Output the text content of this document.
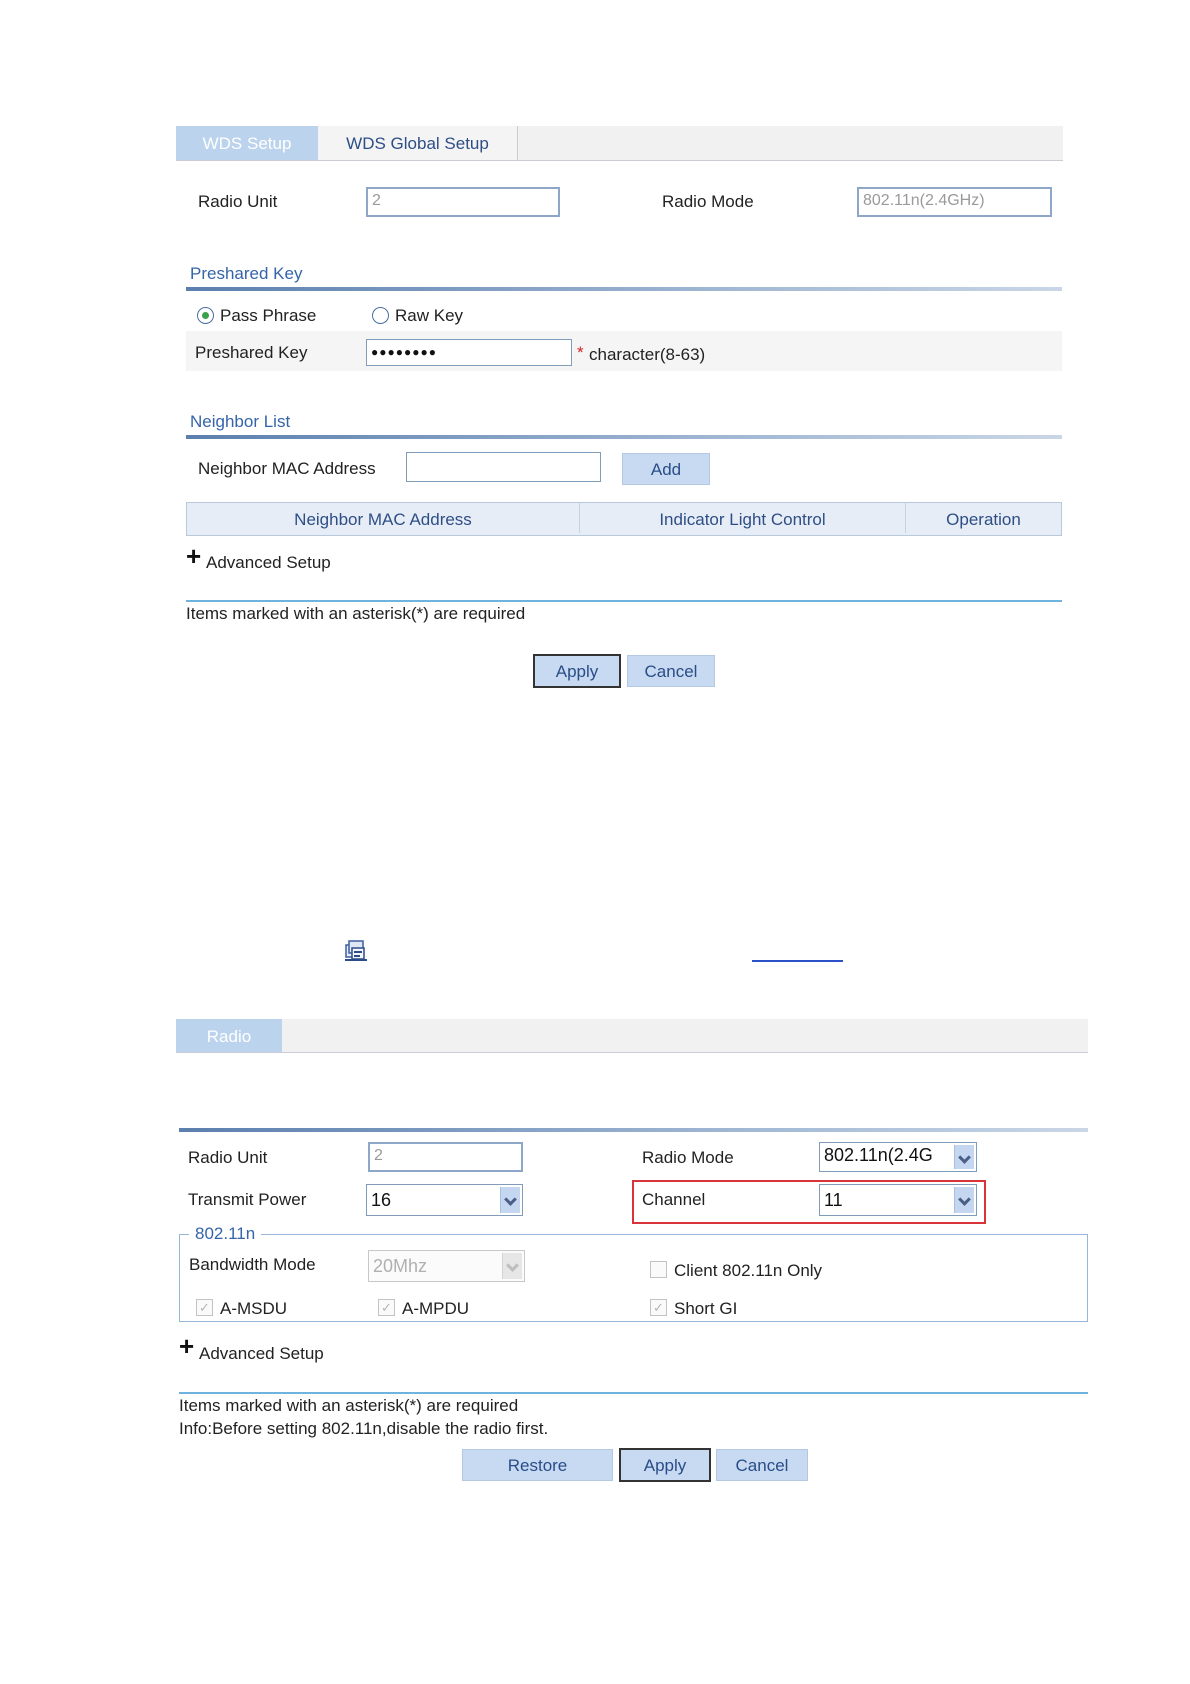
WDS Setup	WDS Global Setup
Radio Unit	2	Radio Mode	802.11n(2.4GHz)
Preshared Key
Pass Phrase	Raw Key
Preshared Key	●●●●●●●●	* character(8-63)
Neighbor List
Neighbor MAC Address	Add
Neighbor MAC Address	Indicator Light Control	Operation
+ Advanced Setup
Items marked with an asterisk(*) are required
Apply	Cancel
Radio
Radio Unit	2	Radio Mode	802.11n(2.4G
Transmit Power	16	Channel	11
802.11n
Bandwidth Mode	20Mhz	Client 802.11n Only
✓ A-MSDU	✓ A-MPDU	✓ Short GI
+ Advanced Setup
Items marked with an asterisk(*) are required
Info:Before setting 802.11n,disable the radio first.
Restore	Apply	Cancel
